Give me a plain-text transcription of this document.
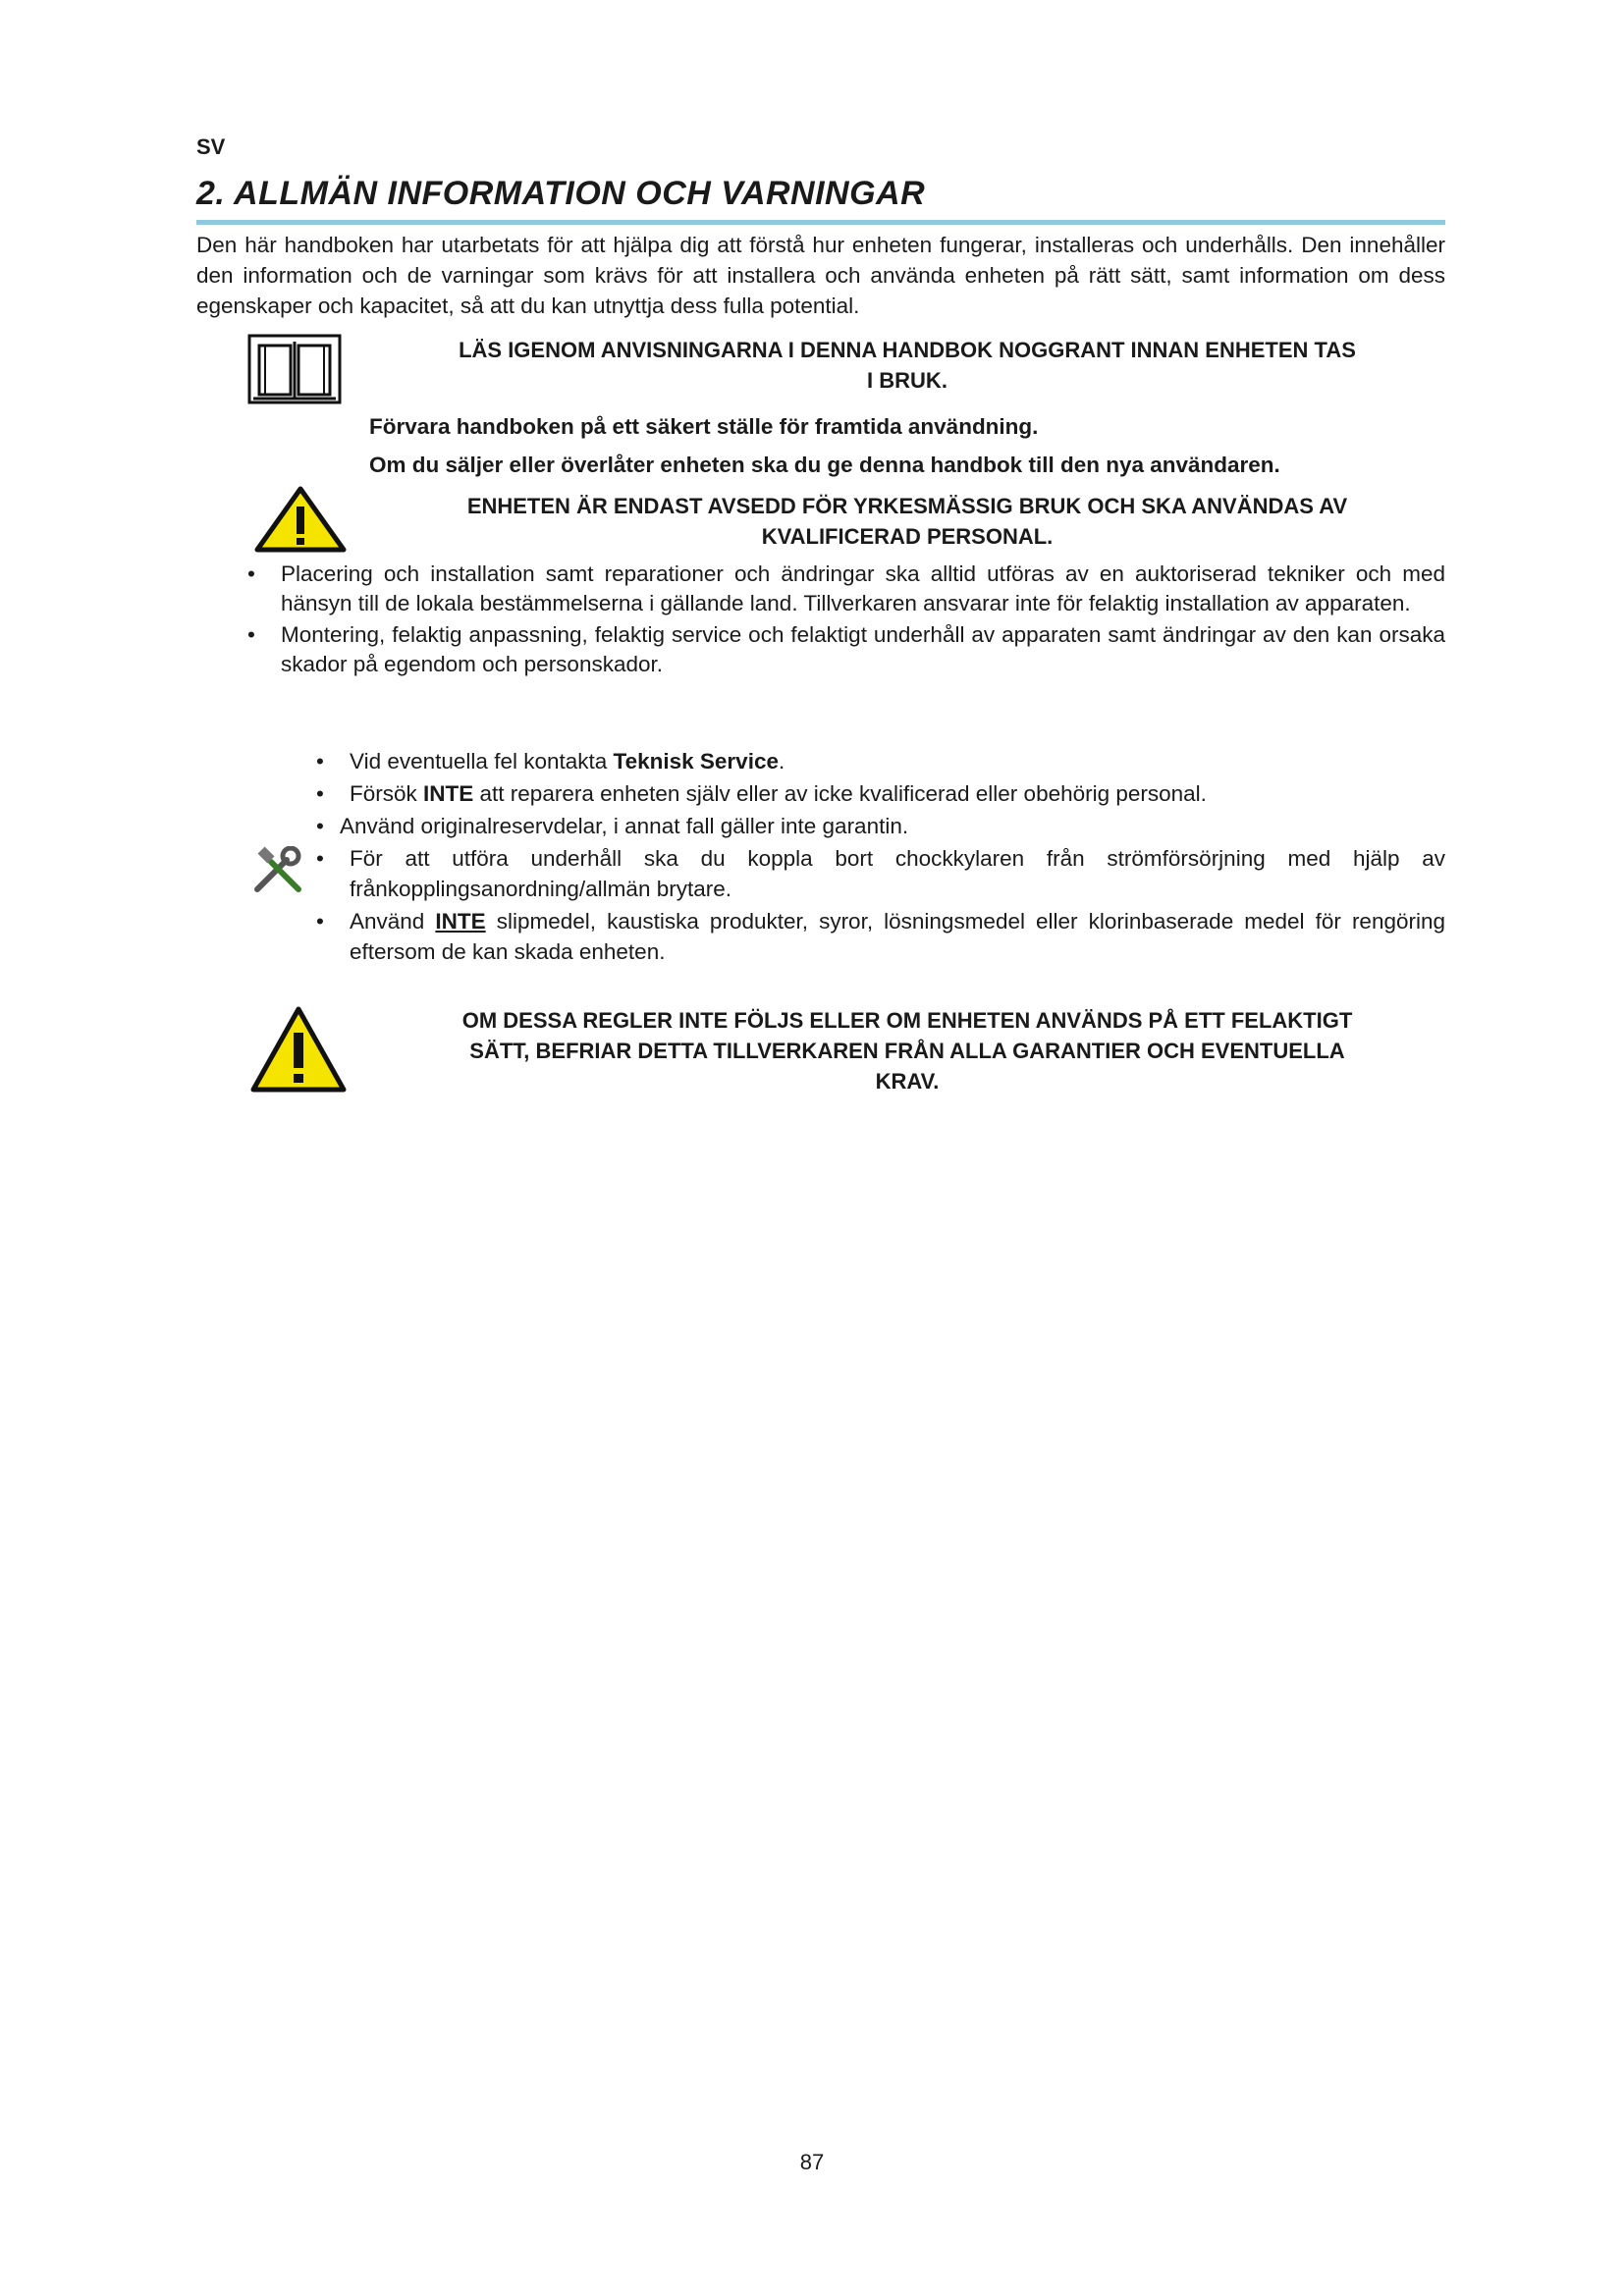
SV
2. ALLMÄN INFORMATION OCH VARNINGAR

Den här handboken har utarbetats för att hjälpa dig att förstå hur enheten fungerar, installeras och underhålls. Den innehåller den information och de varningar som krävs för att installera och använda enheten på rätt sätt, samt information om dess egenskaper och kapacitet, så att du kan utnyttja dess fulla potential.

LÄS IGENOM ANVISNINGARNA I DENNA HANDBOK NOGGRANT INNAN ENHETEN TAS

I BRUK.

Förvara handboken på ett säkert ställe för framtida användning.

Om du säljer eller överlåter enheten ska du ge denna handbok till den nya användaren.

ENHETEN ÄR ENDAST AVSEDD FÖR YRKESMÄSSIG BRUK OCH SKA ANVÄNDAS AV

KVALIFICERAD PERSONAL.

• Placering och installation samt reparationer och ändringar ska alltid utföras av en auktoriserad tekniker och med hänsyn till de lokala bestämmelserna i gällande land. Tillverkaren ansvarar inte för felaktig installation av apparaten.
• Montering, felaktig anpassning, felaktig service och felaktigt underhåll av apparaten samt ändringar av den kan orsaka skador på egendom och personskador.
• Vid eventuella fel kontakta Teknisk Service.
• Försök INTE att reparera enheten själv eller av icke kvalificerad eller obehörig personal.
• Använd originalreservdelar, i annat fall gäller inte garantin.
• För att utföra underhåll ska du koppla bort chockkylaren från strömförsörjning med hjälp av frånkopplingsanordning/allmän brytare.
• Använd INTE slipmedel, kaustiska produkter, syror, lösningsmedel eller klorinbaserade medel för rengöring eftersom de kan skada enheten.

OM DESSA REGLER INTE FÖLJS ELLER OM ENHETEN ANVÄNDS PÅ ETT FELAKTIGT

SÄTT, BEFRIAR DETTA TILLVERKAREN FRÅN ALLA GARANTIER OCH EVENTUELLA

KRAV.

87
